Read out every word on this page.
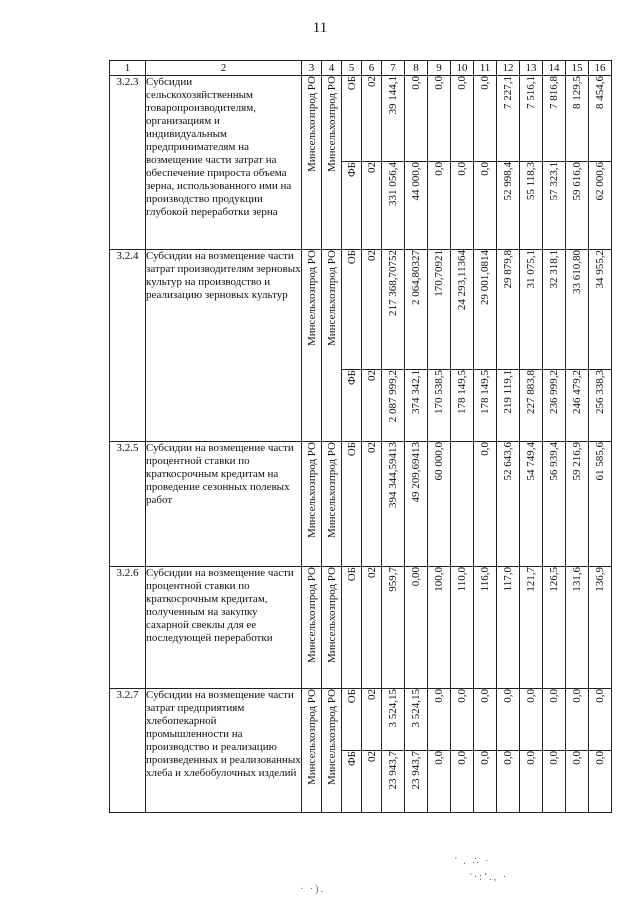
11
1	2	3	4	5	6	7	8	9	10	11	12	13	14	15	16
3.2.3	Субсидии сельскохозяйственным товаропроизводителям, организациям и индивидуальным предпринимателям на возмещение части затрат на обеспечение прироста объема зерна, использованного ими на производство продукции глубокой переработки зерна	Минсельхозпрод РО	Минсельхозпрод РО	ОБ	02	39 144,1	0,0	0,0	0,0	0,0	7 227,1	7 516,1	7 816,8	8 129,5	8 454,6

				ФБ	02	331 056,4	44 000,0	0,0	0,0	0,0	52 998,4	55 118,3	57 323,1	59 616,0	62 000,6

3.2.4	Субсидии на возмещение части затрат производителям зерновых культур на производство и реализацию зерновых культур	Минсельхозпрод РО	Минсельхозпрод РО	ОБ	02	217 368,70752	2 064,80327	170,70921	24 293,11364	29 001,0814	29 879,8	31 075,1	32 318,1	33 610,80	34 955,2

				ФБ	02	2 087 999,2	374 342,1	170 538,5	178 149,5	178 149,5	219 119,1	227 883,8	236 999,2	246 479,2	256 338,3

3.2.5	Субсидии на возмещение части процентной ставки по краткосрочным кредитам на проведение сезонных полевых работ	Минсельхозпрод РО	Минсельхозпрод РО	ОБ	02	394 344,59413	49 209,69413	60 000,0		0,0	52 643,6	54 749,4	56 939,4	59 216,9	61 585,6

3.2.6	Субсидии на возмещение части процентной ставки по краткосрочным кредитам, полученным на закупку сахарной свеклы для ее последующей переработки	Минсельхозпрод РО	Минсельхозпрод РО	ОБ	02	959,7	0,00	100,0	110,0	116,0	117,0	121,7	126,5	131,6	136,9

3.2.7	Субсидии на возмещение части затрат предприятиям хлебопекарной промышленности на производство и реализацию произведенных и реализованных хлеба и хлебобулочных изделий	Минсельхозпрод РО	Минсельхозпрод РО	ОБ	02	3 524,15	3 524,15	0,0	0,0	0,0	0,0	0,0	0,0	0,0	0,0

				ФБ	02	23 943,7	23 943,7	0,0	0,0	0,0	0,0	0,0	0,0	0,0	0,0
· ·).
' . ∴ ·
'·:ʼ., ·
